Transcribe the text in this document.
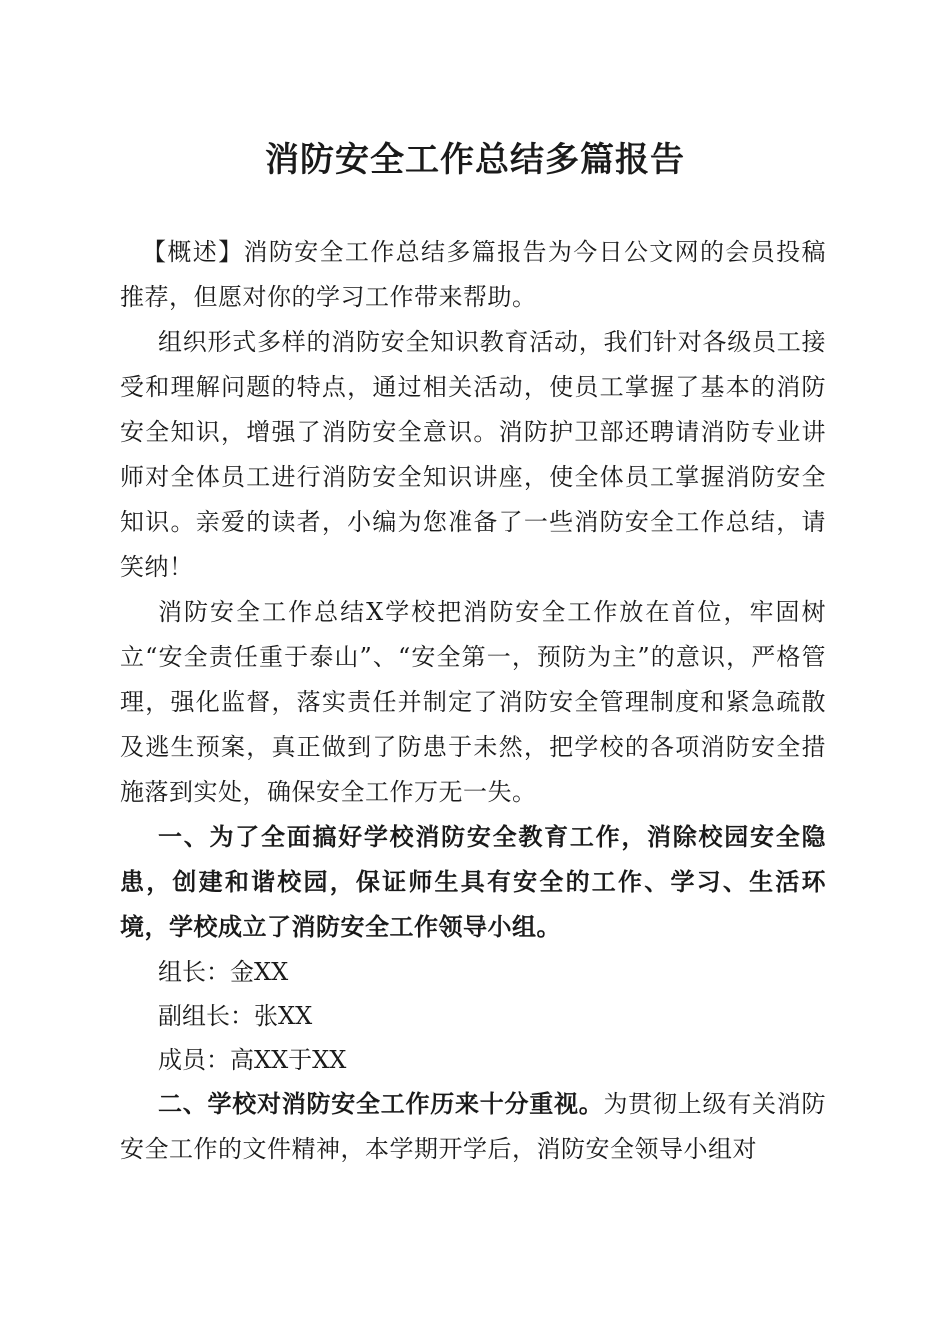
消防安全工作总结多篇报告

【概述】消防安全工作总结多篇报告为今日公文网的会员投稿推荐，但愿对你的学习工作带来帮助。

组织形式多样的消防安全知识教育活动，我们针对各级员工接受和理解问题的特点，通过相关活动，使员工掌握了基本的消防安全知识，增强了消防安全意识。消防护卫部还聘请消防专业讲师对全体员工进行消防安全知识讲座，使全体员工掌握消防安全知识。亲爱的读者，小编为您准备了一些消防安全工作总结，请笑纳！

消防安全工作总结X学校把消防安全工作放在首位，牢固树立“安全责任重于泰山”、“安全第一，预防为主”的意识，严格管理，强化监督，落实责任并制定了消防安全管理制度和紧急疏散及逃生预案，真正做到了防患于未然，把学校的各项消防安全措施落到实处，确保安全工作万无一失。

一、为了全面搞好学校消防安全教育工作，消除校园安全隐患，创建和谐校园，保证师生具有安全的工作、学习、生活环境，学校成立了消防安全工作领导小组。

组长：金XX

副组长：张XX

成员：高XX于XX

二、学校对消防安全工作历来十分重视。为贯彻上级有关消防安全工作的文件精神，本学期开学后，消防安全领导小组对
